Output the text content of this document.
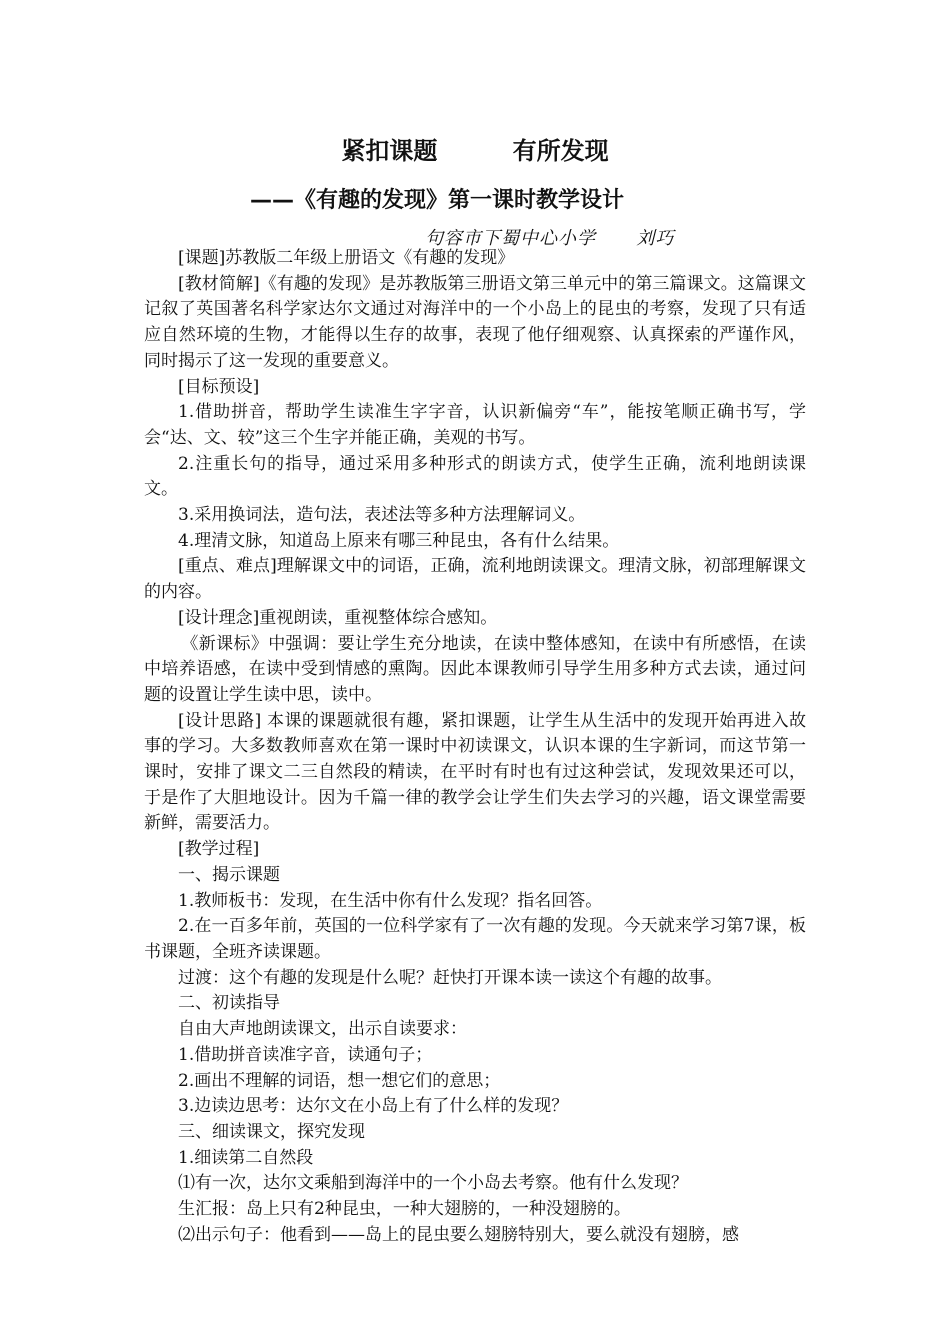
紧扣课题         有所发现
——《有趣的发现》第一课时教学设计
句容市下蜀中心小学      刘巧

[课题]苏教版二年级上册语文《有趣的发现》

[教材简解]《有趣的发现》是苏教版第三册语文第三单元中的第三篇课文。这篇课文记叙了英国著名科学家达尔文通过对海洋中的一个小岛上的昆虫的考察，发现了只有适应自然环境的生物，才能得以生存的故事，表现了他仔细观察、认真探索的严谨作风，同时揭示了这一发现的重要意义。

[目标预设]

1.借助拼音，帮助学生读准生字字音，认识新偏旁“车”，能按笔顺正确书写，学会“达、文、较”这三个生字并能正确，美观的书写。

2.注重长句的指导，通过采用多种形式的朗读方式，使学生正确，流利地朗读课文。

3.采用换词法，造句法，表述法等多种方法理解词义。

4.理清文脉，知道岛上原来有哪三种昆虫，各有什么结果。

[重点、难点]理解课文中的词语，正确，流利地朗读课文。理清文脉，初部理解课文的内容。

[设计理念]重视朗读，重视整体综合感知。

《新课标》中强调：要让学生充分地读，在读中整体感知，在读中有所感悟，在读中培养语感，在读中受到情感的熏陶。因此本课教师引导学生用多种方式去读，通过问题的设置让学生读中思，读中。

[设计思路] 本课的课题就很有趣，紧扣课题，让学生从生活中的发现开始再进入故事的学习。大多数教师喜欢在第一课时中初读课文，认识本课的生字新词，而这节第一课时，安排了课文二三自然段的精读，在平时有时也有过这种尝试，发现效果还可以，于是作了大胆地设计。因为千篇一律的教学会让学生们失去学习的兴趣，语文课堂需要新鲜，需要活力。

[教学过程]

一、揭示课题

1.教师板书：发现，在生活中你有什么发现？指名回答。

2.在一百多年前，英国的一位科学家有了一次有趣的发现。今天就来学习第7课，板书课题，全班齐读课题。

过渡：这个有趣的发现是什么呢？赶快打开课本读一读这个有趣的故事。

二、初读指导

自由大声地朗读课文，出示自读要求：

1.借助拼音读准字音，读通句子；

2.画出不理解的词语，想一想它们的意思；

3.边读边思考：达尔文在小岛上有了什么样的发现？

三、细读课文，探究发现

1.细读第二自然段

⑴有一次，达尔文乘船到海洋中的一个小岛去考察。他有什么发现？

生汇报：岛上只有2种昆虫，一种大翅膀的，一种没翅膀的。

⑵出示句子：他看到——岛上的昆虫要么翅膀特别大，要么就没有翅膀，感
